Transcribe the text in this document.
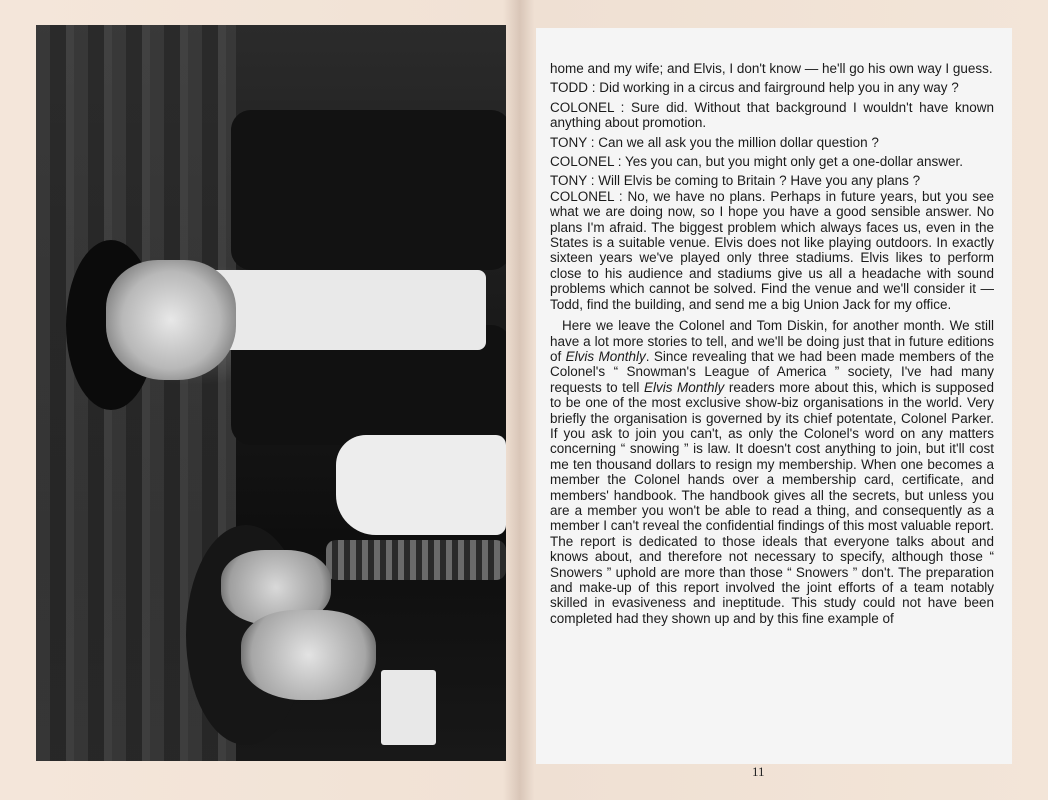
home and my wife; and Elvis, I don't know — he'll go his own way I guess.

TODD : Did working in a circus and fairground help you in any way ?

COLONEL : Sure did. Without that background I wouldn't have known anything about promotion.

TONY : Can we all ask you the million dollar question ?

COLONEL : Yes you can, but you might only get a one-dollar answer.

TONY : Will Elvis be coming to Britain ? Have you any plans ?

COLONEL : No, we have no plans. Perhaps in future years, but you see what we are doing now, so I hope you have a good sensible answer. No plans I'm afraid. The biggest problem which always faces us, even in the States is a suitable venue. Elvis does not like playing outdoors. In exactly sixteen years we've played only three stadiums. Elvis likes to perform close to his audience and stadiums give us all a headache with sound problems which cannot be solved. Find the venue and we'll consider it — Todd, find the building, and send me a big Union Jack for my office.

Here we leave the Colonel and Tom Diskin, for another month. We still have a lot more stories to tell, and we'll be doing just that in future editions of Elvis Monthly. Since revealing that we had been made members of the Colonel's “ Snowman's League of America ” society, I've had many requests to tell Elvis Monthly readers more about this, which is supposed to be one of the most exclusive show-biz organisations in the world. Very briefly the organisation is governed by its chief potentate, Colonel Parker. If you ask to join you can't, as only the Colonel's word on any matters concerning “ snowing ” is law. It doesn't cost anything to join, but it'll cost me ten thousand dollars to resign my membership. When one becomes a member the Colonel hands over a membership card, certificate, and members' handbook. The handbook gives all the secrets, but unless you are a member you won't be able to read a thing, and consequently as a member I can't reveal the confidential findings of this most valuable report. The report is dedicated to those ideals that everyone talks about and knows about, and therefore not necessary to specify, although those “ Snowers ” uphold are more than those “ Snowers ” don't. The preparation and make-up of this report involved the joint efforts of a team notably skilled in evasiveness and ineptitude. This study could not have been completed had they shown up and by this fine example of

11
